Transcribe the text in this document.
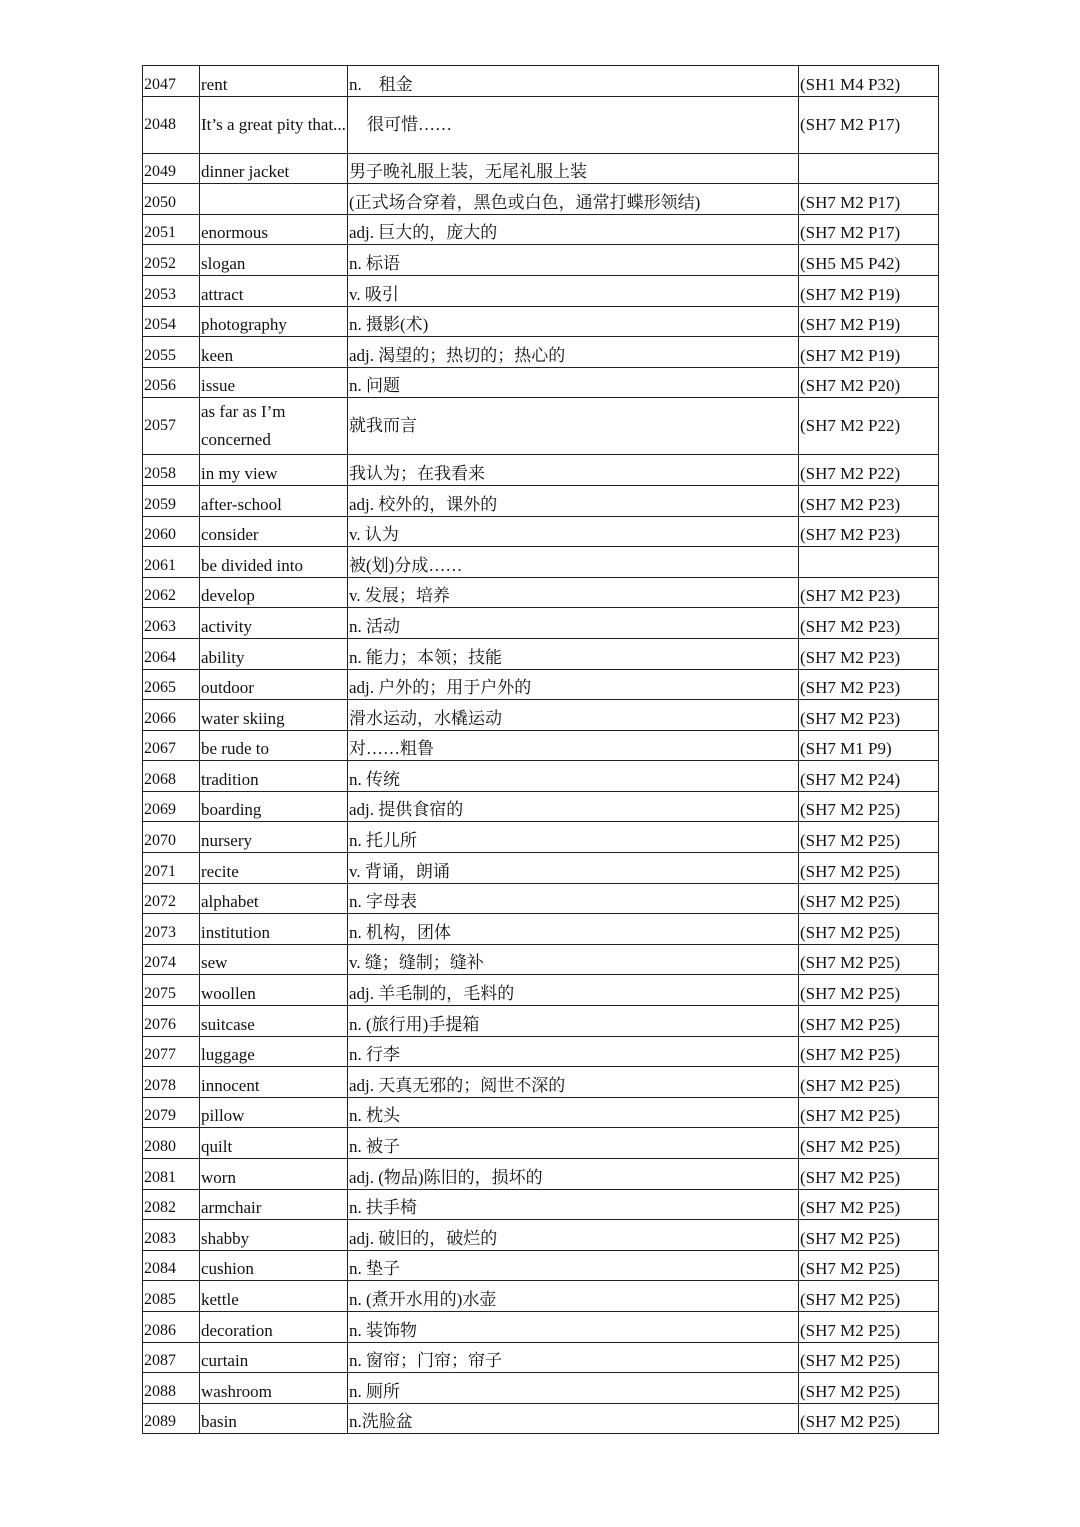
2047	rent	n.　租金	(SH1 M4 P32)
2048	It’s a great pity that...	很可惜……	(SH7 M2 P17)
2049	dinner jacket	男子晚礼服上装，无尾礼服上装	
2050		(正式场合穿着，黑色或白色，通常打蝶形领结)	(SH7 M2 P17)
2051	enormous	adj. 巨大的，庞大的	(SH7 M2 P17)
2052	slogan	n. 标语	(SH5 M5 P42)
2053	attract	v. 吸引	(SH7 M2 P19)
2054	photography	n. 摄影(术)	(SH7 M2 P19)
2055	keen	adj. 渴望的；热切的；热心的	(SH7 M2 P19)
2056	issue	n. 问题	(SH7 M2 P20)
2057	as far as I’m concerned	就我而言	(SH7 M2 P22)
2058	in my view	我认为；在我看来	(SH7 M2 P22)
2059	after-school	adj. 校外的，课外的	(SH7 M2 P23)
2060	consider	v. 认为	(SH7 M2 P23)
2061	be divided into	被(划)分成……	
2062	develop	v. 发展；培养	(SH7 M2 P23)
2063	activity	n. 活动	(SH7 M2 P23)
2064	ability	n. 能力；本领；技能	(SH7 M2 P23)
2065	outdoor	adj. 户外的；用于户外的	(SH7 M2 P23)
2066	water skiing	滑水运动，水橇运动	(SH7 M2 P23)
2067	be rude to	对……粗鲁	(SH7 M1 P9)
2068	tradition	n. 传统	(SH7 M2 P24)
2069	boarding	adj. 提供食宿的	(SH7 M2 P25)
2070	nursery	n. 托儿所	(SH7 M2 P25)
2071	recite	v. 背诵，朗诵	(SH7 M2 P25)
2072	alphabet	n. 字母表	(SH7 M2 P25)
2073	institution	n. 机构，团体	(SH7 M2 P25)
2074	sew	v. 缝；缝制；缝补	(SH7 M2 P25)
2075	woollen	adj. 羊毛制的，毛料的	(SH7 M2 P25)
2076	suitcase	n. (旅行用)手提箱	(SH7 M2 P25)
2077	luggage	n. 行李	(SH7 M2 P25)
2078	innocent	adj. 天真无邪的；阅世不深的	(SH7 M2 P25)
2079	pillow	n. 枕头	(SH7 M2 P25)
2080	quilt	n. 被子	(SH7 M2 P25)
2081	worn	adj. (物品)陈旧的，损坏的	(SH7 M2 P25)
2082	armchair	n. 扶手椅	(SH7 M2 P25)
2083	shabby	adj. 破旧的，破烂的	(SH7 M2 P25)
2084	cushion	n. 垫子	(SH7 M2 P25)
2085	kettle	n. (煮开水用的)水壶	(SH7 M2 P25)
2086	decoration	n. 装饰物	(SH7 M2 P25)
2087	curtain	n. 窗帘；门帘；帘子	(SH7 M2 P25)
2088	washroom	n. 厕所	(SH7 M2 P25)
2089	basin	n.洗脸盆	(SH7 M2 P25)
